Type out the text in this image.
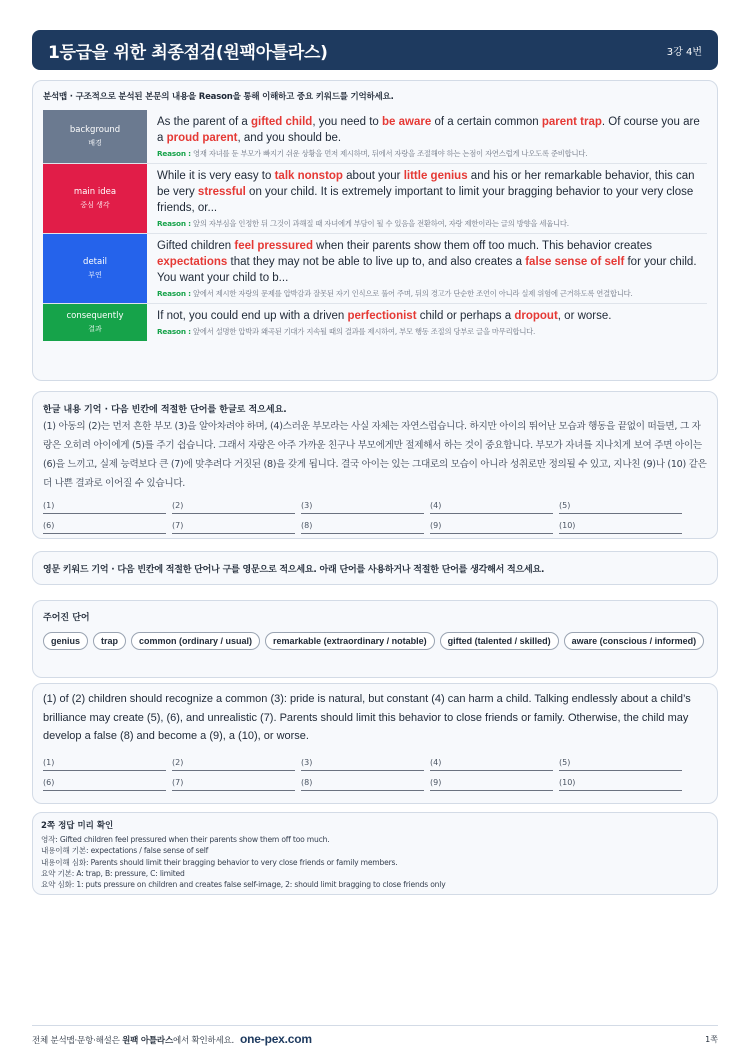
1등급을 위한 최종점검(원팩아틀라스)	3강 4번
분석맵 · 구조적으로 분석된 본문의 내용을 Reason을 통해 이해하고 중요 키워드를 기억하세요.
background
배경
As the parent of a gifted child, you need to be aware of a certain common parent trap. Of course you are a proud parent, and you should be.
Reason : 영재 자녀를 둔 부모가 빠지기 쉬운 상황을 먼저 제시하며, 뒤에서 자랑을 조절해야 하는 논점이 자연스럽게 나오도록 준비합니다.
main idea
중심 생각
While it is very easy to talk nonstop about your little genius and his or her remarkable behavior, this can be very stressful on your child. It is extremely important to limit your bragging behavior to your very close friends, or...
Reason : 앞의 자부심을 인정한 뒤 그것이 과해질 때 자녀에게 부담이 될 수 있음을 전환하여, 자랑 제한이라는 글의 방향을 세웁니다.
detail
부연
Gifted children feel pressured when their parents show them off too much. This behavior creates expectations that they may not be able to live up to, and also creates a false sense of self for your child. You want your child to b...
Reason : 앞에서 제시한 자랑의 문제를 압박감과 잘못된 자기 인식으로 풀어 주며, 뒤의 경고가 단순한 조언이 아니라 실제 위험에 근거하도록 연결합니다.
consequently
결과
If not, you could end up with a driven perfectionist child or perhaps a dropout, or worse.
Reason : 앞에서 설명한 압박과 왜곡된 기대가 지속될 때의 결과를 제시하여, 부모 행동 조절의 당부로 글을 마무리합니다.
한글 내용 기억 · 다음 빈칸에 적절한 단어를 한글로 적으세요.
(1) 아동의 (2)는 먼저 흔한 부모 (3)을 알아차려야 하며, (4)스러운 부모라는 사실 자체는 자연스럽습니다. 하지만 아이의 뛰어난 모습과 행동을 끝없이 떠들면, 그 자랑은 오히려 아이에게 (5)를 주기 쉽습니다. 그래서 자랑은 아주 가까운 친구나 부모에게만 절제해서 하는 것이 중요합니다. 부모가 자녀를 지나치게 보여 주면 아이는 (6)을 느끼고, 실제 능력보다 큰 (7)에 맞추려다 거짓된 (8)을 갖게 됩니다. 결국 아이는 있는 그대로의 모습이 아니라 성취로만 정의될 수 있고, 지나친 (9)나 (10) 같은 더 나쁜 결과로 이어질 수 있습니다.
(1)	(2)	(3)	(4)	(5)
(6)	(7)	(8)	(9)	(10)
영문 키워드 기억 · 다음 빈칸에 적절한 단어나 구를 영문으로 적으세요. 아래 단어를 사용하거나 적절한 단어를 생각해서 적으세요.
주어진 단어
genius	trap	common (ordinary / usual)	remarkable (extraordinary / notable)	gifted (talented / skilled)	aware (conscious / informed)
(1) of (2) children should recognize a common (3): pride is natural, but constant (4) can harm a child. Talking endlessly about a child’s brilliance may create (5), (6), and unrealistic (7). Parents should limit this behavior to close friends or family. Otherwise, the child may develop a false (8) and become a (9), a (10), or worse.
(1)	(2)	(3)	(4)	(5)
(6)	(7)	(8)	(9)	(10)
2쪽 정답 미리 확인
영작: Gifted children feel pressured when their parents show them off too much.
내용이해 기본: expectations / false sense of self
내용이해 심화: Parents should limit their bragging behavior to very close friends or family members.
요약 기본: A: trap, B: pressure, C: limited
요약 심화: 1: puts pressure on children and creates false self-image, 2: should limit bragging to close friends only
전체 분석맵·문항·해설은 원팩 아틀라스에서 확인하세요. one-pex.com	1쪽
